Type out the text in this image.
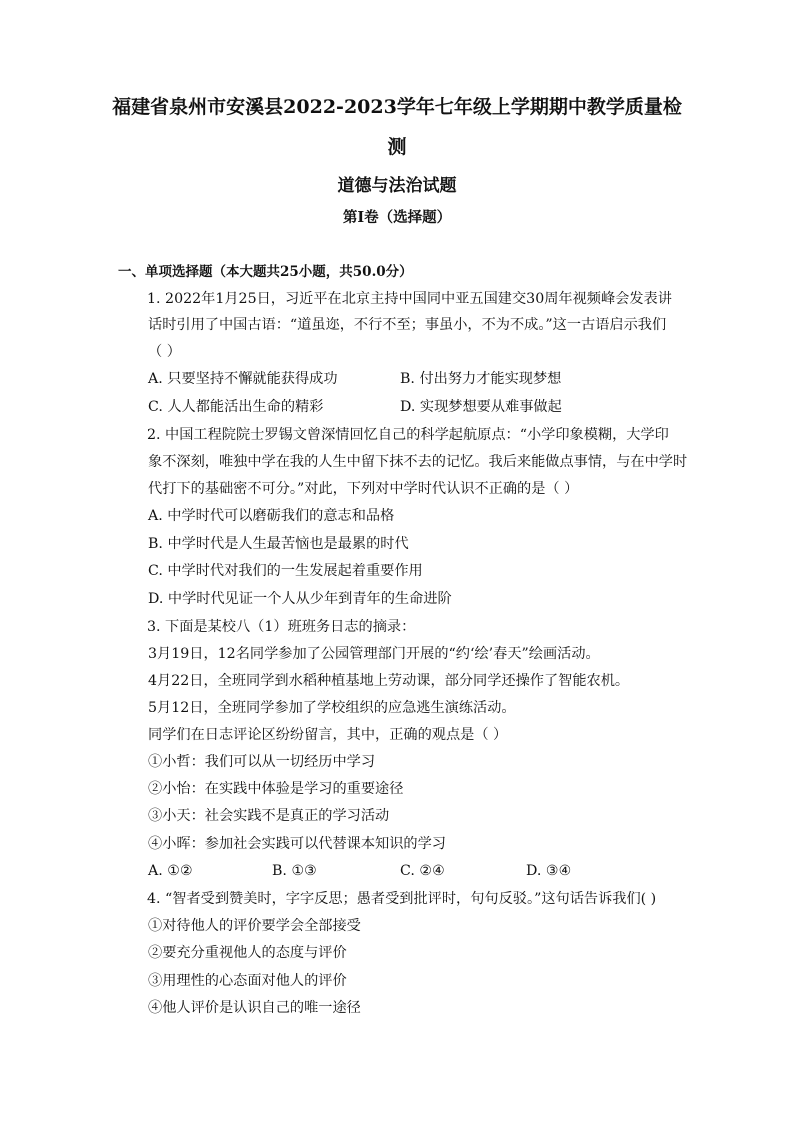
福建省泉州市安溪县2022-2023学年七年级上学期期中教学质量检
测
道德与法治试题
第I卷（选择题）
一、单项选择题（本大题共25小题，共50.0分）
1. 2022年1月25日，习近平在北京主持中国同中亚五国建交30周年视频峰会发表讲
话时引用了中国古语：“道虽迩，不行不至；事虽小，不为不成。”这一古语启示我们
（ ）
A. 只要坚持不懈就能获得成功	B. 付出努力才能实现梦想
C. 人人都能活出生命的精彩	D. 实现梦想要从难事做起
2. 中国工程院院士罗锡文曾深情回忆自己的科学起航原点：“小学印象模糊，大学印
象不深刻，唯独中学在我的人生中留下抹不去的记忆。我后来能做点事情，与在中学时
代打下的基础密不可分。”对此，下列对中学时代认识不正确的是（ ）
A. 中学时代可以磨砺我们的意志和品格
B. 中学时代是人生最苦恼也是最累的时代
C. 中学时代对我们的一生发展起着重要作用
D. 中学时代见证一个人从少年到青年的生命进阶
3. 下面是某校八（1）班班务日志的摘录：
3月19日，12名同学参加了公园管理部门开展的“约‘绘’春天”绘画活动。
4月22日，全班同学到水稻种植基地上劳动课，部分同学还操作了智能农机。
5月12日，全班同学参加了学校组织的应急逃生演练活动。
同学们在日志评论区纷纷留言，其中，正确的观点是（ ）
①小哲：我们可以从一切经历中学习
②小怡：在实践中体验是学习的重要途径
③小天：社会实践不是真正的学习活动
④小晖：参加社会实践可以代替课本知识的学习
A. ①②	B. ①③	C. ②④	D. ③④
4. “智者受到赞美时，字字反思；愚者受到批评时，句句反驳。”这句话告诉我们( )
①对待他人的评价要学会全部接受
②要充分重视他人的态度与评价
③用理性的心态面对他人的评价
④他人评价是认识自己的唯一途径
